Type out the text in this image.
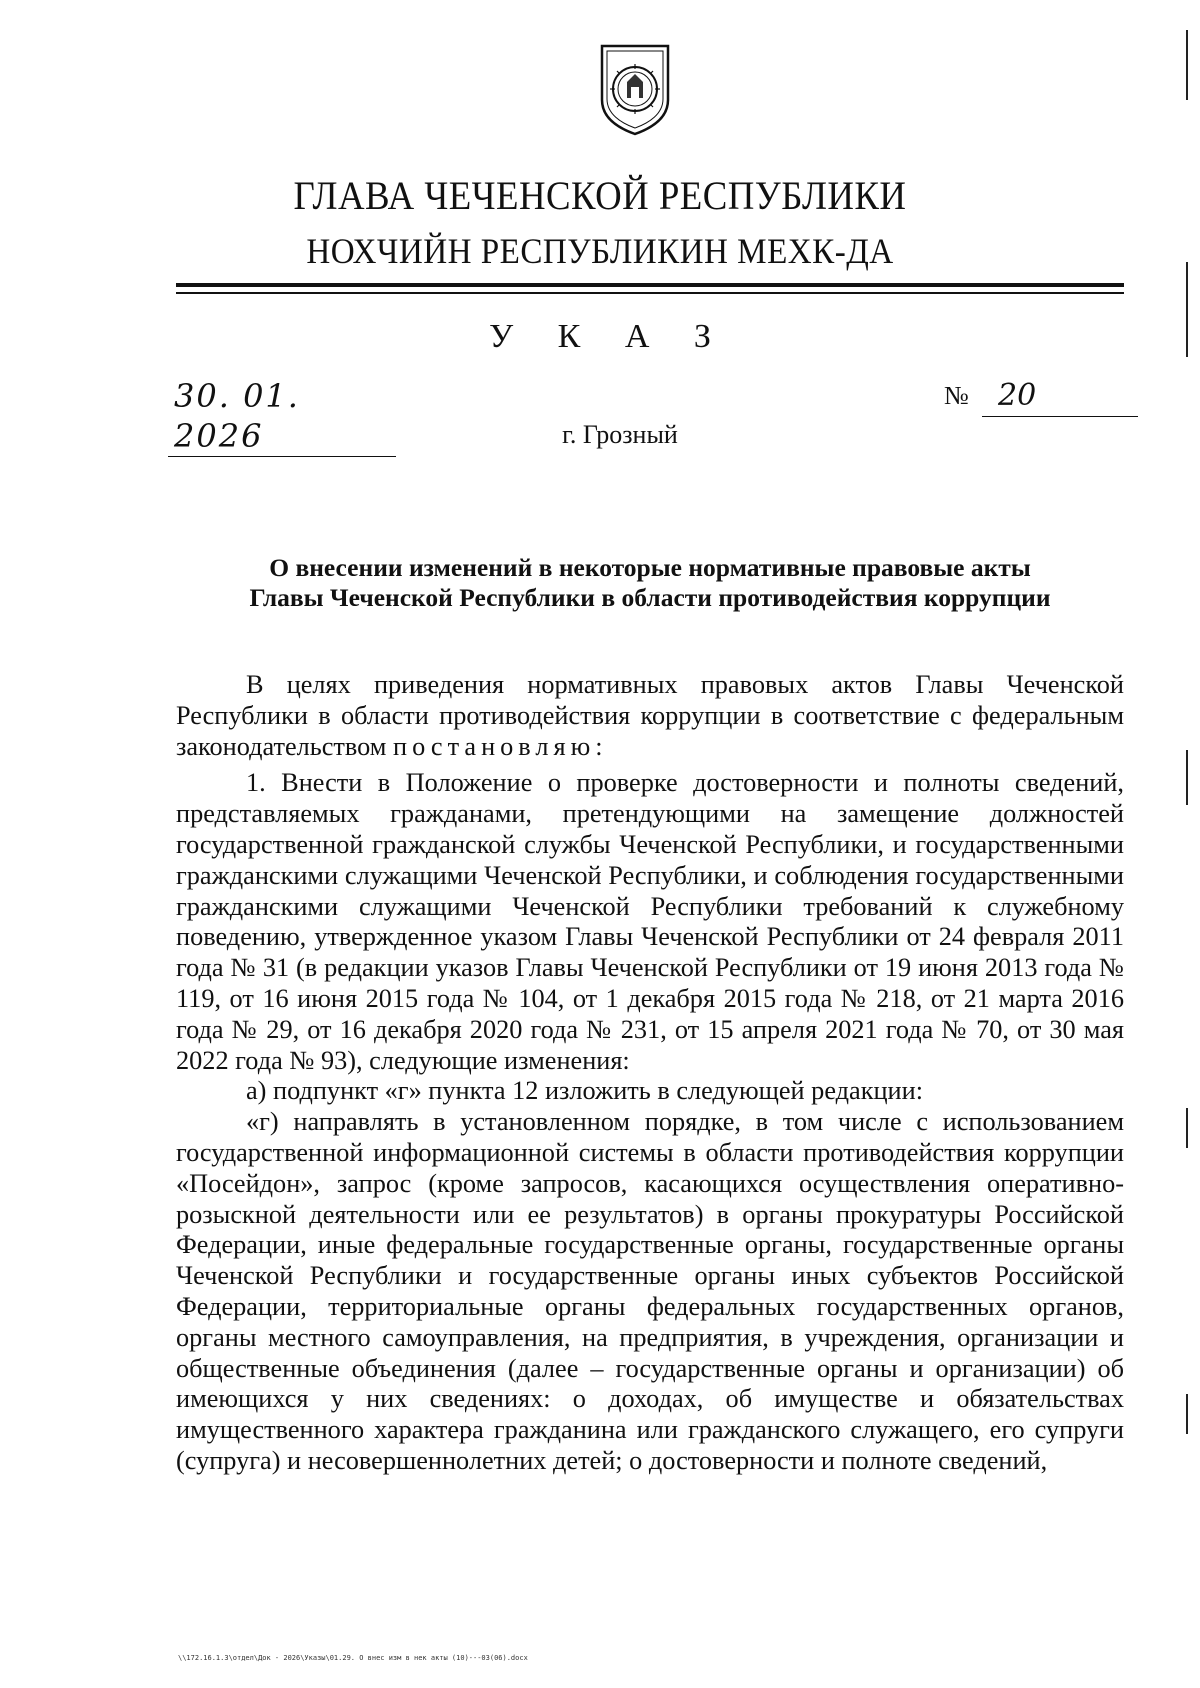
ГЛАВА ЧЕЧЕНСКОЙ РЕСПУБЛИКИ
НОХЧИЙН РЕСПУБЛИКИН МЕХК-ДА
У К А З
30. 01. 2026
№ 20
г. Грозный
О внесении изменений в некоторые нормативные правовые акты
Главы Чеченской Республики в области противодействия коррупции

В целях приведения нормативных правовых актов Главы Чеченской Республики в области противодействия коррупции в соответствие с федеральным законодательством постановляю:

1. Внести в Положение о проверке достоверности и полноты сведений, представляемых гражданами, претендующими на замещение должностей государственной гражданской службы Чеченской Республики, и государственными гражданскими служащими Чеченской Республики, и соблюдения государственными гражданскими служащими Чеченской Республики требований к служебному поведению, утвержденное указом Главы Чеченской Республики от 24 февраля 2011 года № 31 (в редакции указов Главы Чеченской Республики от 19 июня 2013 года № 119, от 16 июня 2015 года № 104, от 1 декабря 2015 года № 218, от 21 марта 2016 года № 29, от 16 декабря 2020 года № 231, от 15 апреля 2021 года № 70, от 30 мая 2022 года № 93), следующие изменения:

а) подпункт «г» пункта 12 изложить в следующей редакции:

«г) направлять в установленном порядке, в том числе с использованием государственной информационной системы в области противодействия коррупции «Посейдон», запрос (кроме запросов, касающихся осуществления оперативно-розыскной деятельности или ее результатов) в органы прокуратуры Российской Федерации, иные федеральные государственные органы, государственные органы Чеченской Республики и государственные органы иных субъектов Российской Федерации, территориальные органы федеральных государственных органов, органы местного самоуправления, на предприятия, в учреждения, организации и общественные объединения (далее – государственные органы и организации) об имеющихся у них сведениях: о доходах, об имуществе и обязательствах имущественного характера гражданина или гражданского служащего, его супруги (супруга) и несовершеннолетних детей; о достоверности и полноте сведений,

\\172.16.1.3\отдел\Док - 2026\Указы\01.29. О внес изм в нек акты (10)---03(06).docx
